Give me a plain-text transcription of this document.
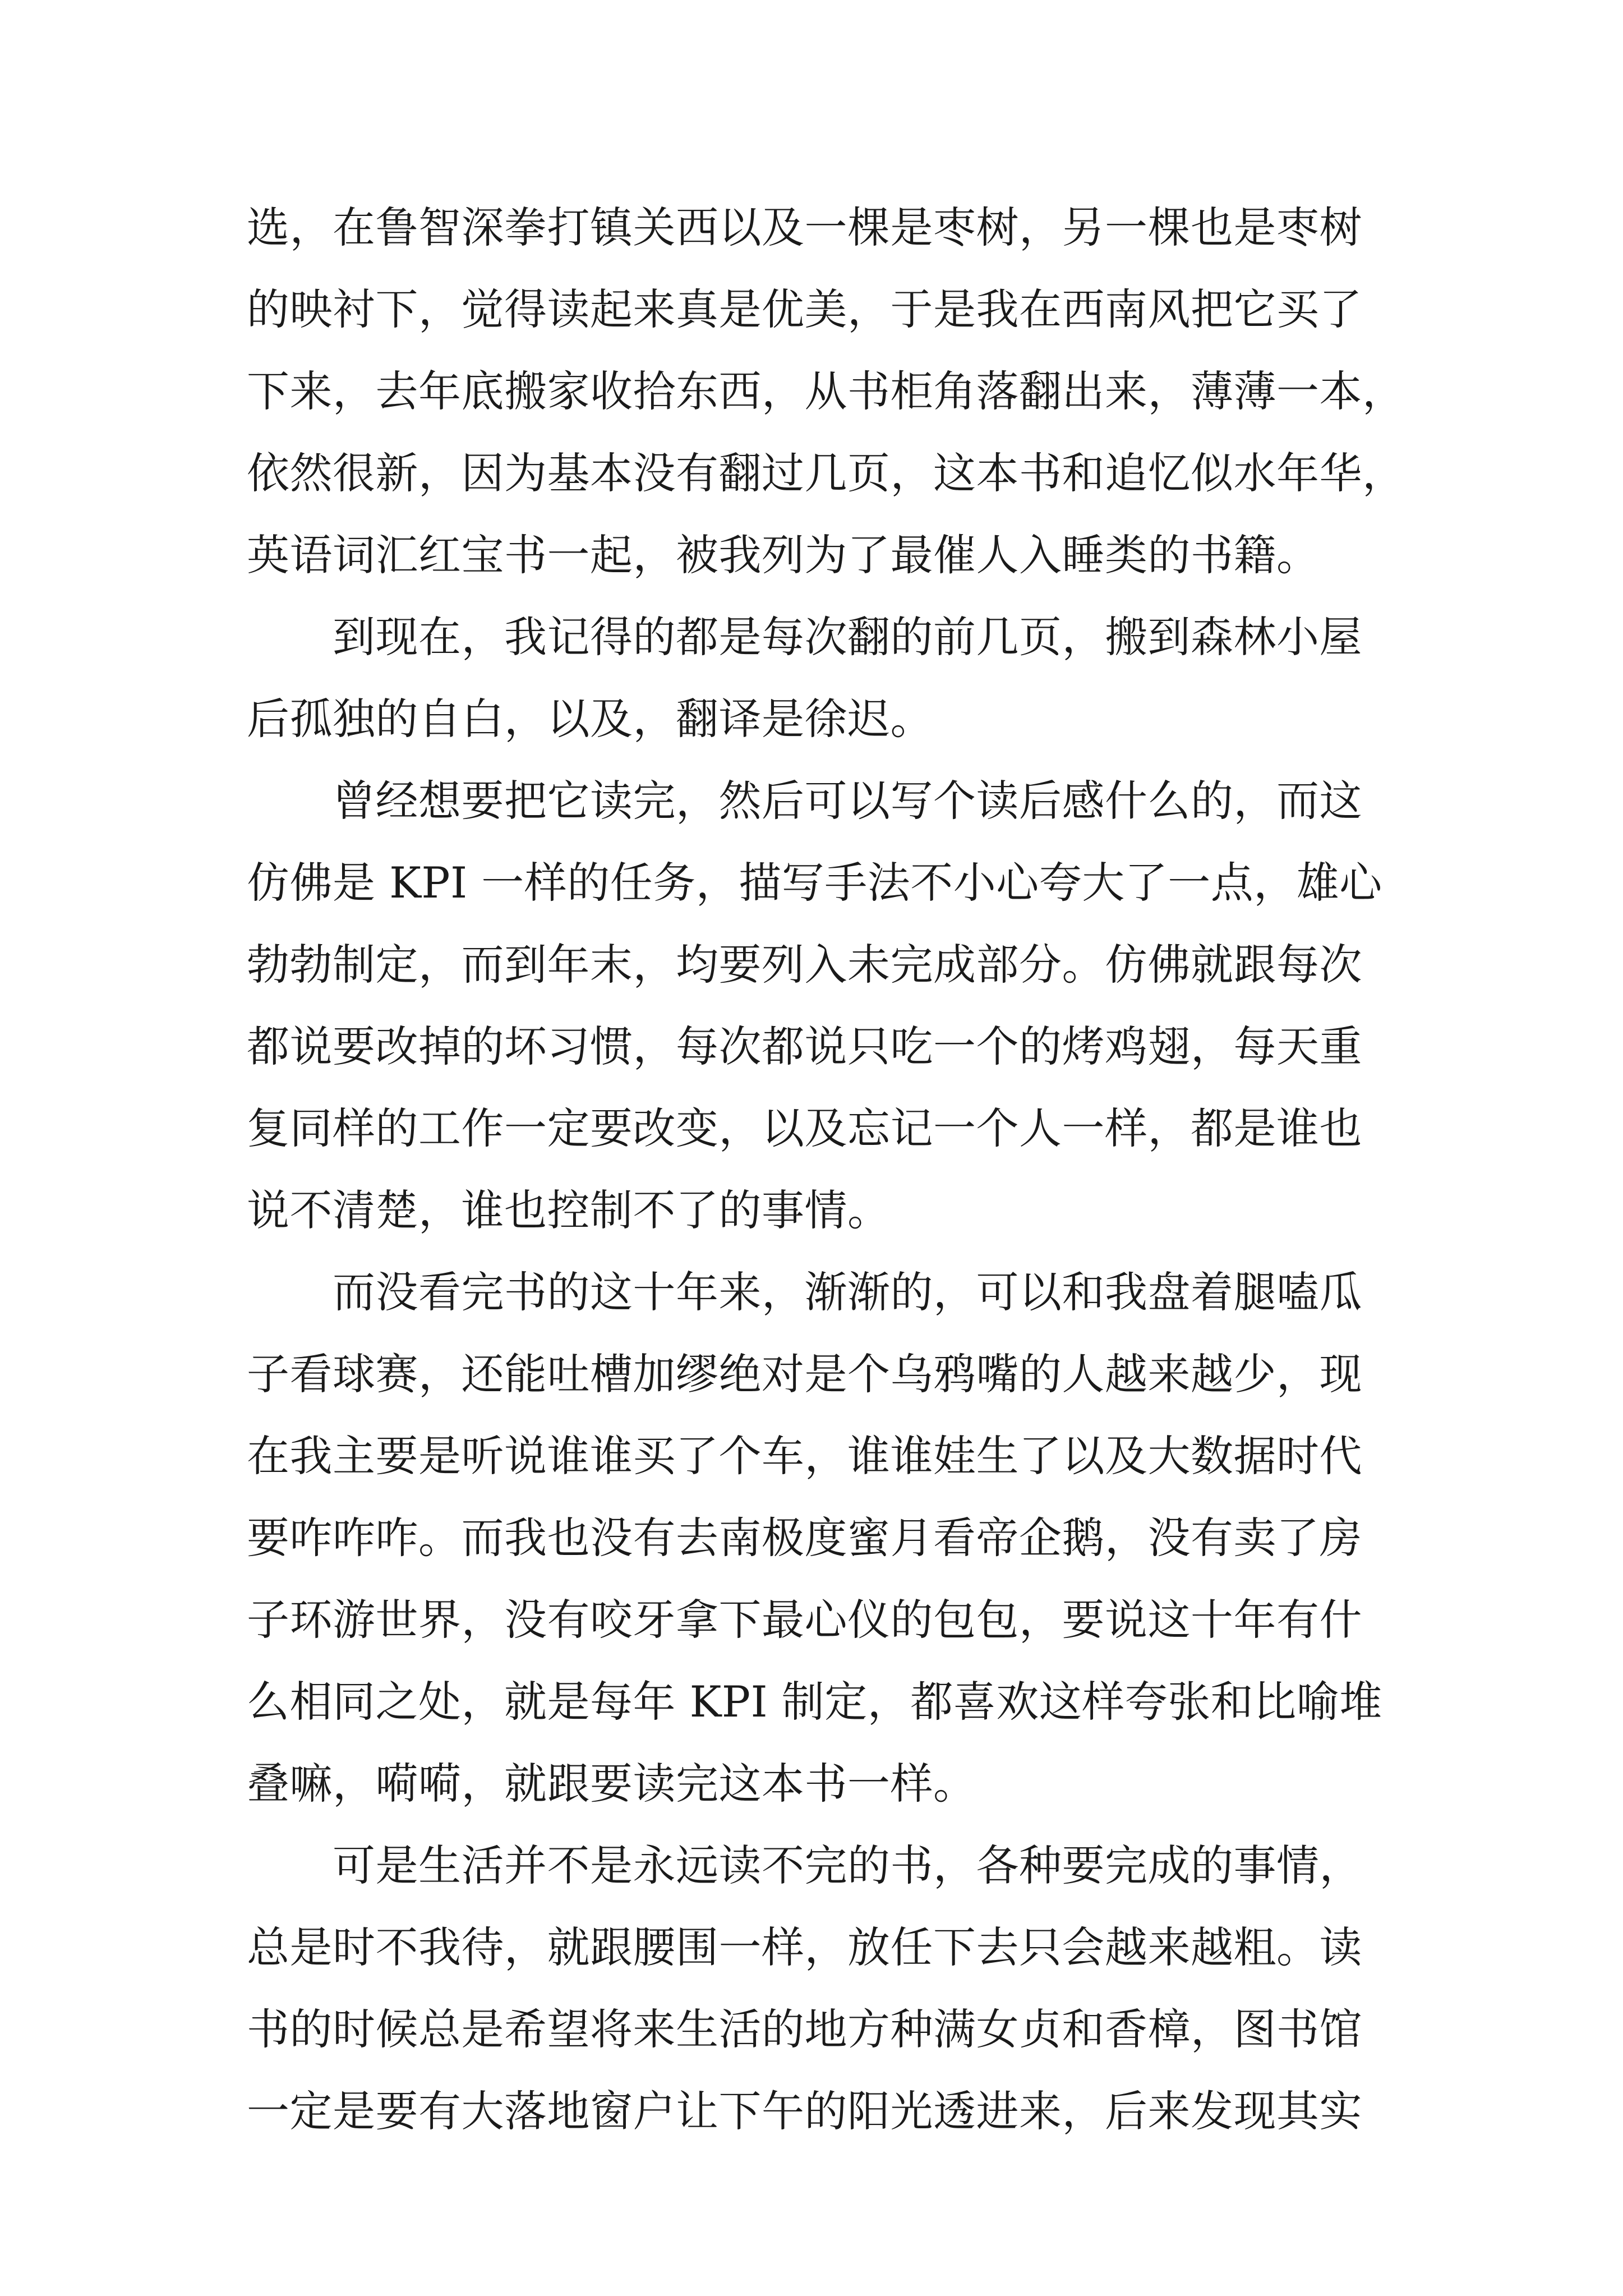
选，在鲁智深拳打镇关西以及一棵是枣树，另一棵也是枣树
的映衬下，觉得读起来真是优美，于是我在西南风把它买了
下来，去年底搬家收拾东西，从书柜角落翻出来，薄薄一本，
依然很新，因为基本没有翻过几页，这本书和追忆似水年华，
英语词汇红宝书一起，被我列为了最催人入睡类的书籍。
　　到现在，我记得的都是每次翻的前几页，搬到森林小屋
后孤独的自白，以及，翻译是徐迟。
　　曾经想要把它读完，然后可以写个读后感什么的，而这
仿佛是 KPI 一样的任务，描写手法不小心夸大了一点，雄心
勃勃制定，而到年末，均要列入未完成部分。仿佛就跟每次
都说要改掉的坏习惯，每次都说只吃一个的烤鸡翅，每天重
复同样的工作一定要改变，以及忘记一个人一样，都是谁也
说不清楚，谁也控制不了的事情。
　　而没看完书的这十年来，渐渐的，可以和我盘着腿嗑瓜
子看球赛，还能吐槽加缪绝对是个乌鸦嘴的人越来越少，现
在我主要是听说谁谁买了个车，谁谁娃生了以及大数据时代
要咋咋咋。而我也没有去南极度蜜月看帝企鹅，没有卖了房
子环游世界，没有咬牙拿下最心仪的包包，要说这十年有什
么相同之处，就是每年 KPI 制定，都喜欢这样夸张和比喻堆
叠嘛，嗬嗬，就跟要读完这本书一样。
　　可是生活并不是永远读不完的书，各种要完成的事情，
总是时不我待，就跟腰围一样，放任下去只会越来越粗。读
书的时候总是希望将来生活的地方种满女贞和香樟，图书馆
一定是要有大落地窗户让下午的阳光透进来，后来发现其实
